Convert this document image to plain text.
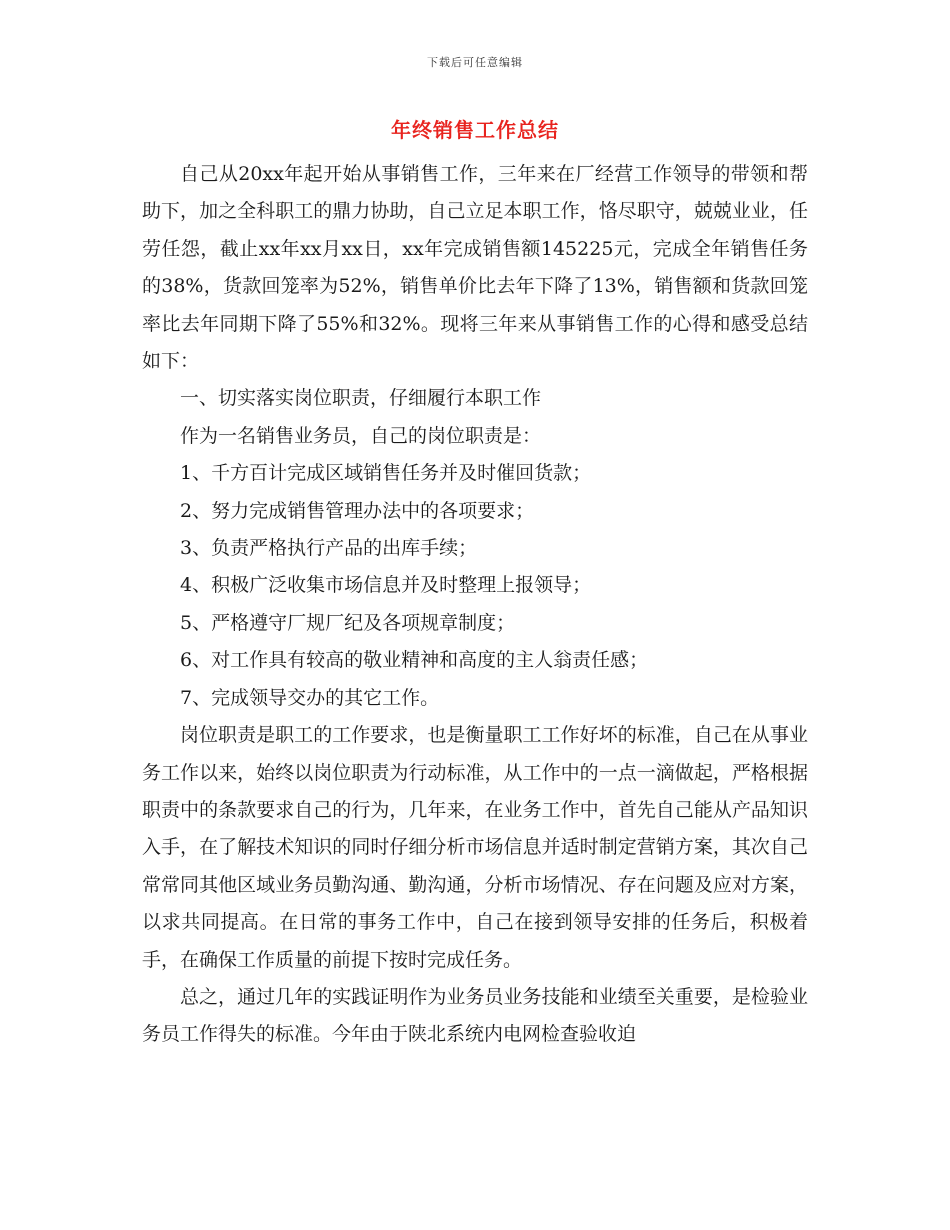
下载后可任意编辑
年终销售工作总结

自己从20xx年起开始从事销售工作，三年来在厂经营工作领导的带领和帮助下，加之全科职工的鼎力协助，自己立足本职工作，恪尽职守，兢兢业业，任劳任怨，截止xx年xx月xx日，xx年完成销售额145225元，完成全年销售任务的38%，货款回笼率为52%，销售单价比去年下降了13%，销售额和货款回笼率比去年同期下降了55%和32%。现将三年来从事销售工作的心得和感受总结如下：

一、切实落实岗位职责，仔细履行本职工作

作为一名销售业务员，自己的岗位职责是：

1、千方百计完成区域销售任务并及时催回货款；

2、努力完成销售管理办法中的各项要求；

3、负责严格执行产品的出库手续；

4、积极广泛收集市场信息并及时整理上报领导；

5、严格遵守厂规厂纪及各项规章制度；

6、对工作具有较高的敬业精神和高度的主人翁责任感；

7、完成领导交办的其它工作。

岗位职责是职工的工作要求，也是衡量职工工作好坏的标准，自己在从事业务工作以来，始终以岗位职责为行动标准，从工作中的一点一滴做起，严格根据职责中的条款要求自己的行为，几年来，在业务工作中，首先自己能从产品知识入手，在了解技术知识的同时仔细分析市场信息并适时制定营销方案，其次自己常常同其他区域业务员勤沟通、勤沟通，分析市场情况、存在问题及应对方案，以求共同提高。在日常的事务工作中，自己在接到领导安排的任务后，积极着手，在确保工作质量的前提下按时完成任务。

总之，通过几年的实践证明作为业务员业务技能和业绩至关重要，是检验业务员工作得失的标准。今年由于陕北系统内电网检查验收迫
